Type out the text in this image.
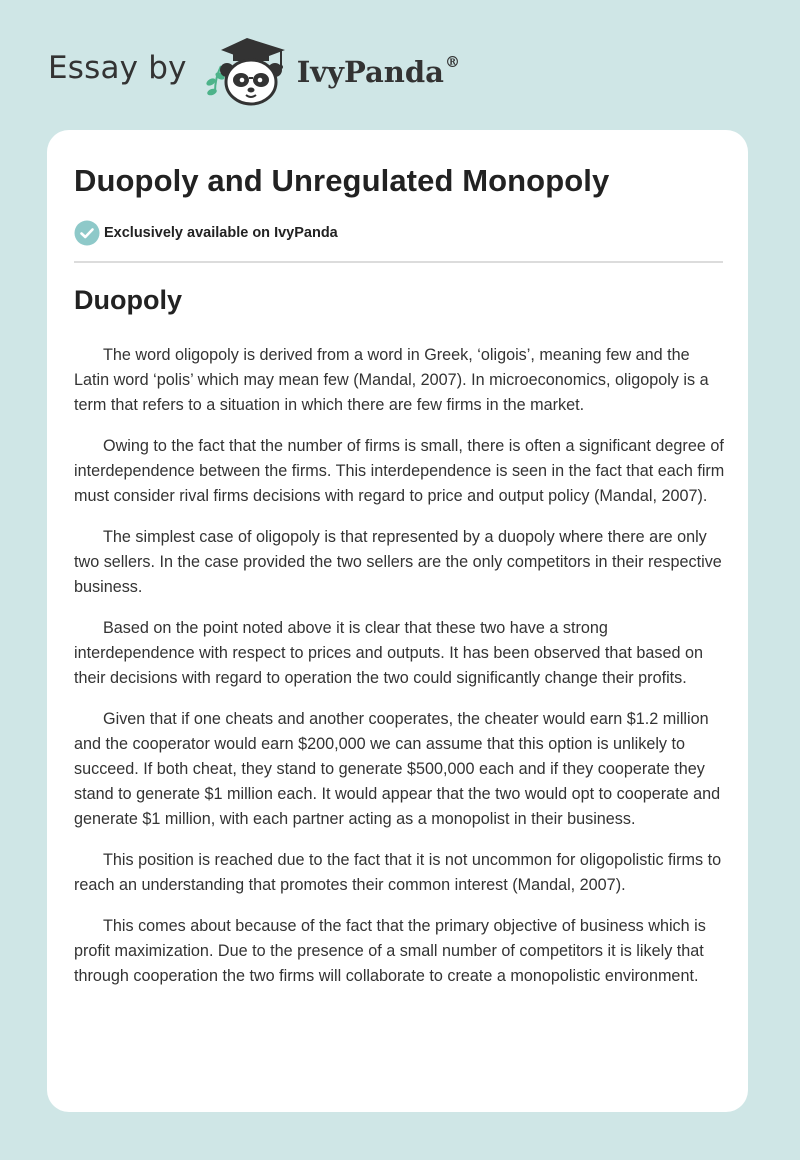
Essay by	IvyPanda®
Duopoly and Unregulated Monopoly
Exclusively available on IvyPanda
Duopoly

The word oligopoly is derived from a word in Greek, ‘oligois’, meaning few and the Latin word ‘polis’ which may mean few (Mandal, 2007). In microeconomics, oligopoly is a term that refers to a situation in which there are few firms in the market.

Owing to the fact that the number of firms is small, there is often a significant degree of interdependence between the firms. This interdependence is seen in the fact that each firm must consider rival firms decisions with regard to price and output policy (Mandal, 2007).

The simplest case of oligopoly is that represented by a duopoly where there are only two sellers. In the case provided the two sellers are the only competitors in their respective business.

Based on the point noted above it is clear that these two have a strong interdependence with respect to prices and outputs. It has been observed that based on their decisions with regard to operation the two could significantly change their profits.

Given that if one cheats and another cooperates, the cheater would earn $1.2 million and the cooperator would earn $200,000 we can assume that this option is unlikely to succeed. If both cheat, they stand to generate $500,000 each and if they cooperate they stand to generate $1 million each. It would appear that the two would opt to cooperate and generate $1 million, with each partner acting as a monopolist in their business.

This position is reached due to the fact that it is not uncommon for oligopolistic firms to reach an understanding that promotes their common interest (Mandal, 2007).

This comes about because of the fact that the primary objective of business which is profit maximization. Due to the presence of a small number of competitors it is likely that through cooperation the two firms will collaborate to create a monopolistic environment.
